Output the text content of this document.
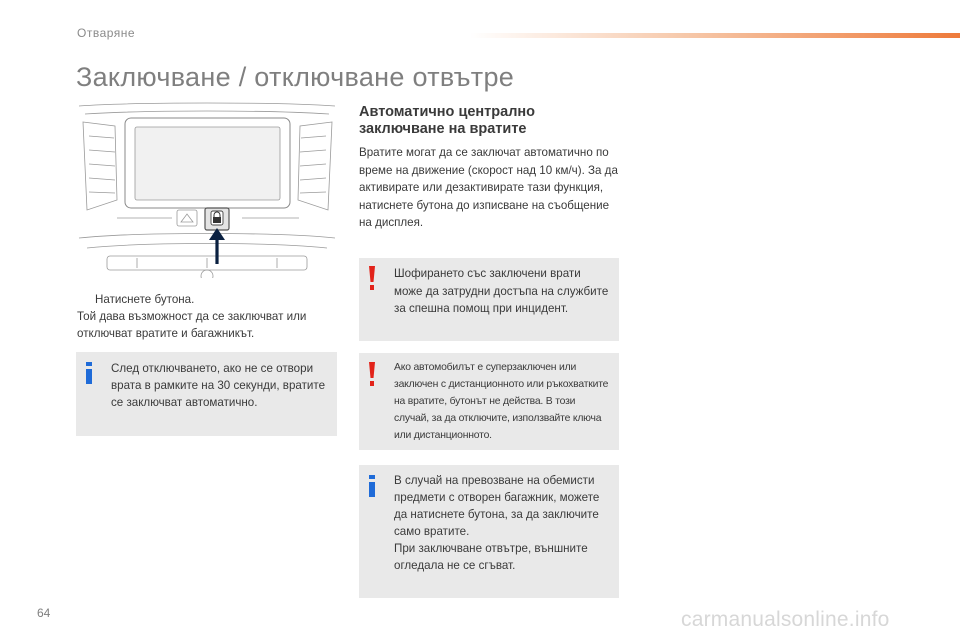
Отваряне
Заключване / отключване отвътре
Натиснете бутона.
Той дава възможност да се заключват или отключват вратите и багажникът.

След отключването, ако не се отвори врата в рамките на 30 секунди, вратите се заключват автоматично.

Автоматично централно
заключване на вратите

Вратите могат да се заключат автоматично по време на движение (скорост над 10 км/ч). За да активирате или дезактивирате тази функция, натиснете бутона до изписване на съобщение на дисплея.

Шофирането със заключени врати може да затрудни достъпа на службите за спешна помощ при инцидент.

Ако автомобилът е суперзаключен или заключен с дистанционното или ръкохватките на вратите, бутонът не действа. В този случай, за да отключите, използвайте ключа или дистанционното.

В случай на превозване на обемисти предмети с отворен багажник, можете да натиснете бутона, за да заключите само вратите.
При заключване отвътре, външните огледала не се сгъват.

64	carmanualsonline.info
